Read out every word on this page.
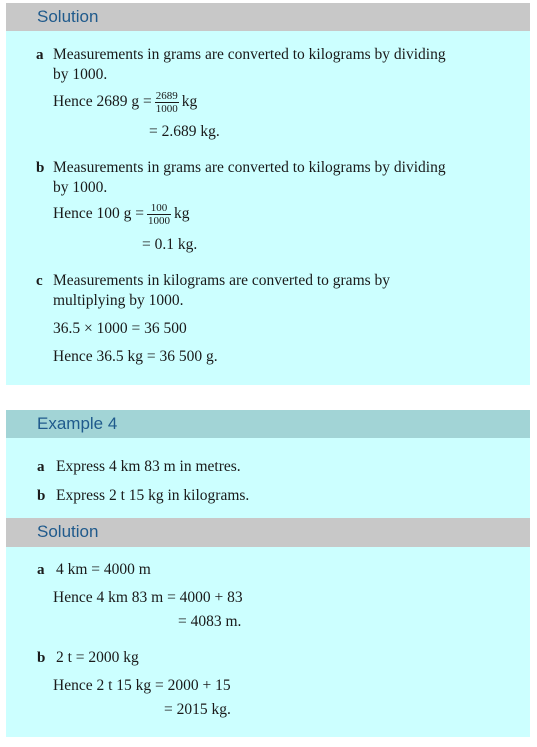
Solution
a Measurements in grams are converted to kilograms by dividing
by 1000.
Hence 2689 $g = \frac{2689}{1000}$ kg
= 2.689 kg.
b Measurements in grams are converted to kilograms by dividing
by 1000.
Hence 100 $g = \frac{100}{1000}$ kg
= 0.1 kg.
c Measurements in kilograms are converted to grams by
multiplying by 1000.
36.5 × 1000 = 36 500
Hence 36.5 kg = 36 500 g.
Example 4
a Express 4 km 83 m in metres.
b Express 2 t 15 kg in kilograms.
Solution
a 4 km = 4000 m
Hence 4 km 83 m = 4000 + 83
= 4083 m.
b 2 t = 2000 kg
Hence 2 t 15 kg = 2000 + 15
= 2015 kg.
